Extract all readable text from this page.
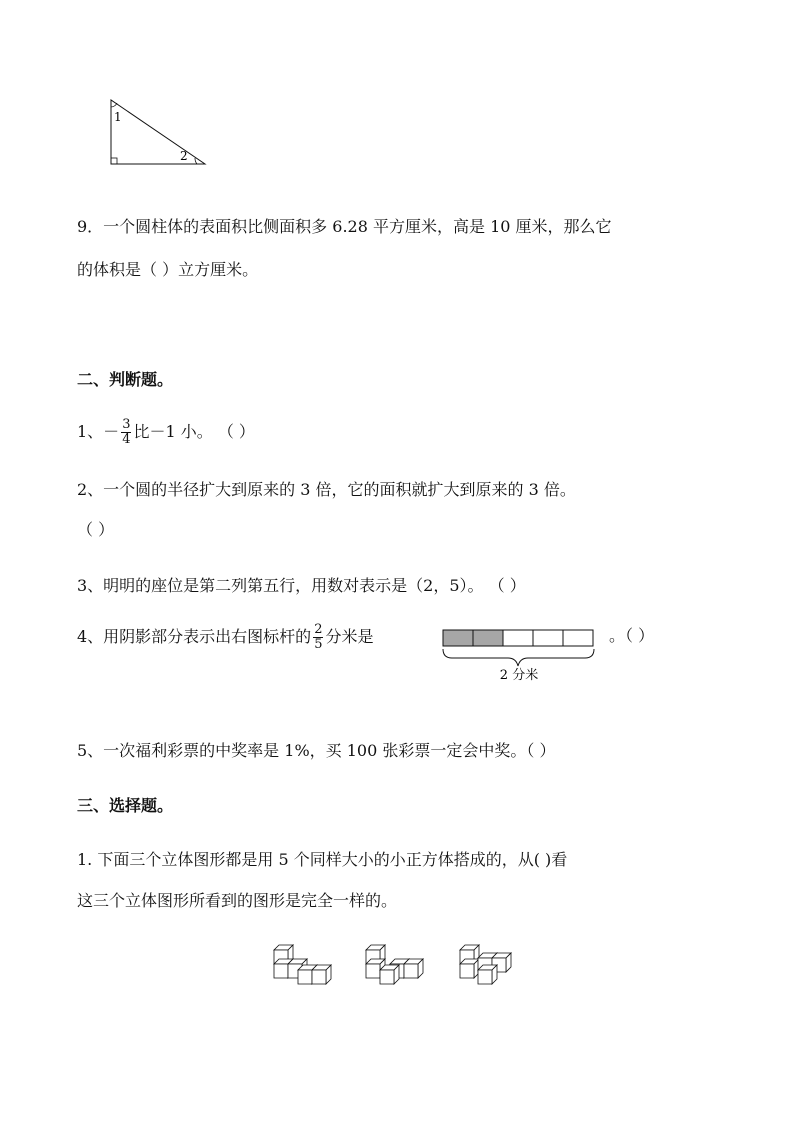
1
2
9．一个圆柱体的表面积比侧面积多 6.28 平方厘米，高是 10 厘米，那么它
的体积是（ ）立方厘米。
二、判断题。
1、－ $\frac{3}{4}$ 比－1 小。 （ ）
2、一个圆的半径扩大到原来的 3 倍，它的面积就扩大到原来的 3 倍。
（ ）
3、明明的座位是第二列第五行，用数对表示是（2，5）。 （ ）
4、用阴影部分表示出右图标杆的 $\frac{2}{5}$ 分米是
2 分米
。（ ）
5、一次福利彩票的中奖率是 1%，买 100 张彩票一定会中奖。（ ）
三、选择题。
1. 下面三个立体图形都是用 5 个同样大小的小正方体搭成的，从( )看
这三个立体图形所看到的图形是完全一样的。
